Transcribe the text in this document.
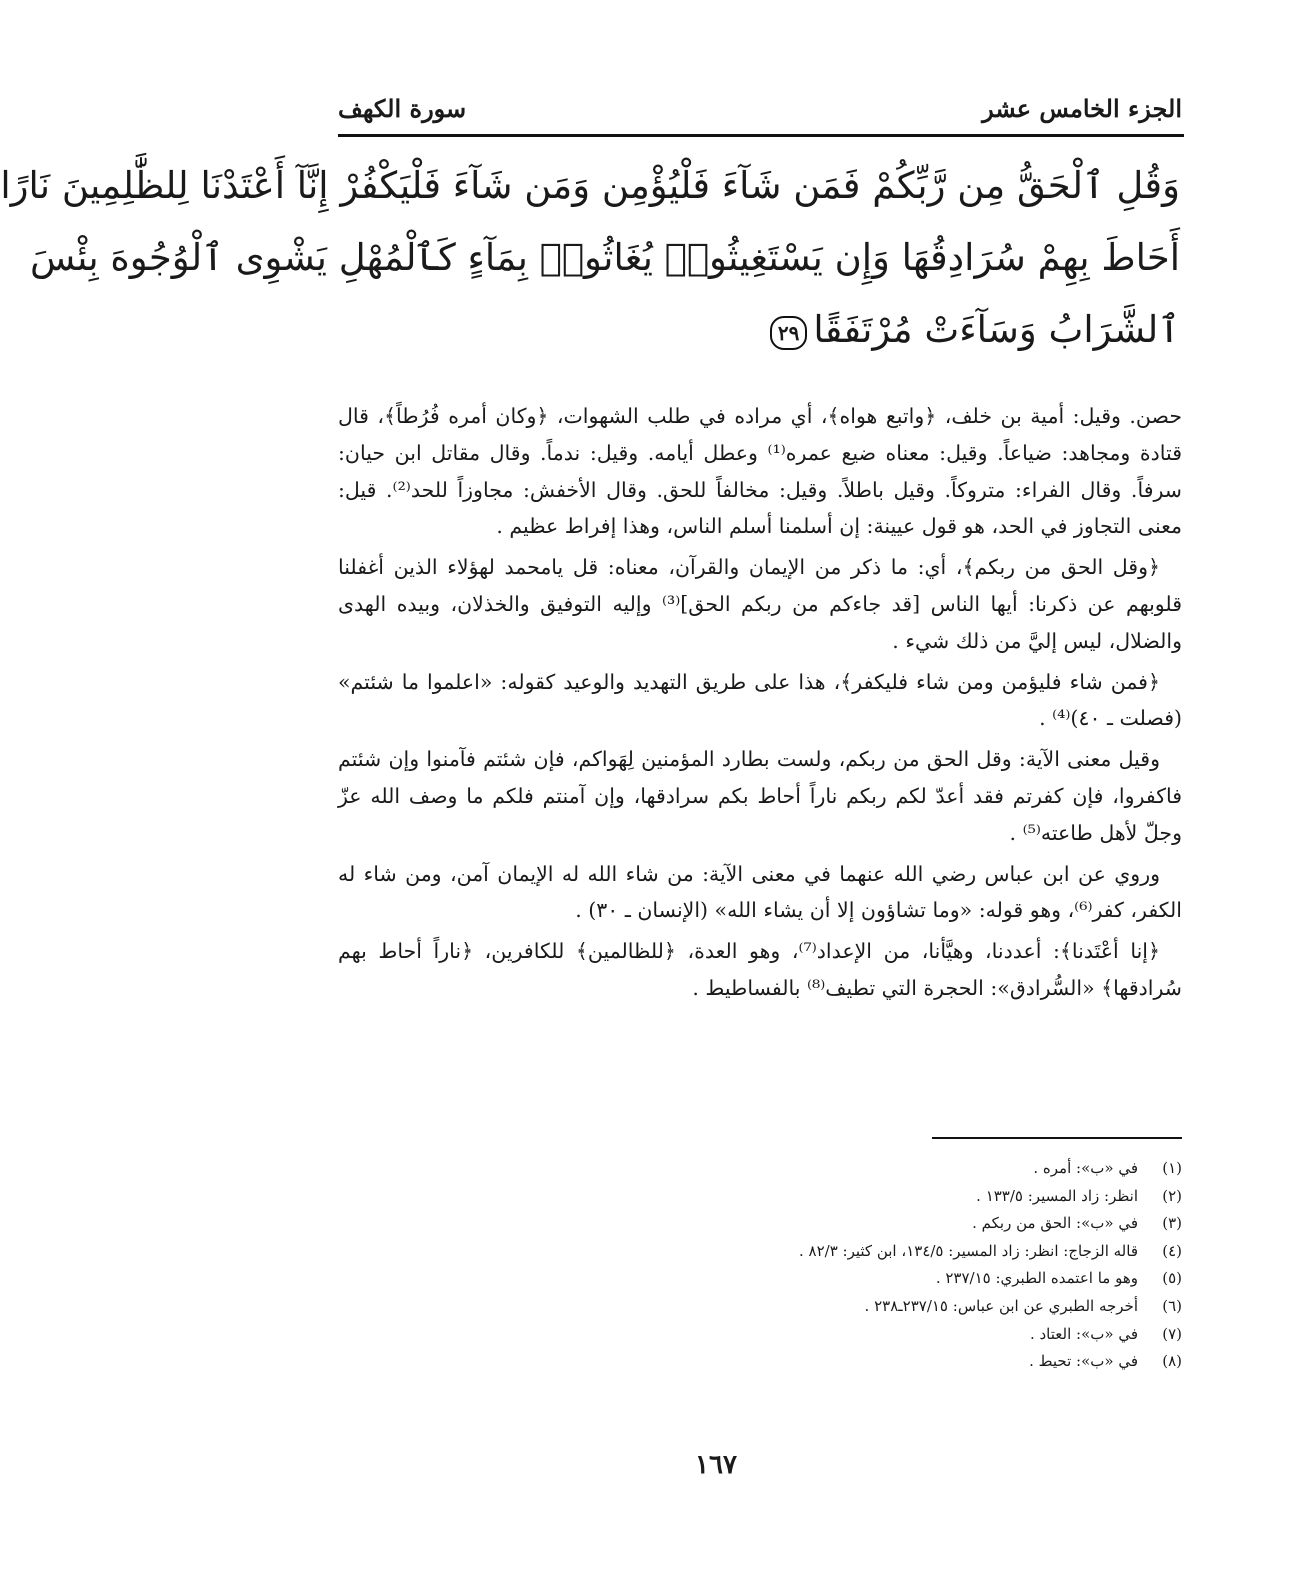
الجزء الخامس عشر
سورة الكهف
وَقُلِ ٱلْحَقُّ مِن رَّبِّكُمْ فَمَن شَآءَ فَلْيُؤْمِن وَمَن شَآءَ فَلْيَكْفُرْ إِنَّآ أَعْتَدْنَا لِلظَّٰلِمِينَ نَارًا
أَحَاطَ بِهِمْ سُرَادِقُهَا وَإِن يَسْتَغِيثُوا۟ يُغَاثُوا۟ بِمَآءٍ كَٱلْمُهْلِ يَشْوِى ٱلْوُجُوهَ بِئْسَ
ٱلشَّرَابُ وَسَآءَتْ مُرْتَفَقًا٢٩

حصن. وقيل: أمية بن خلف، ﴿واتبع هواه﴾، أي مراده في طلب الشهوات، ﴿وكان أمره فُرُطاً﴾، قال قتادة ومجاهد: ضياعاً. وقيل: معناه ضيع عمره⁽¹⁾ وعطل أيامه. وقيل: ندماً. وقال مقاتل ابن حيان: سرفاً. وقال الفراء: متروكاً. وقيل باطلاً. وقيل: مخالفاً للحق. وقال الأخفش: مجاوزاً للحد⁽²⁾. قيل: معنى التجاوز في الحد، هو قول عيينة: إن أسلمنا أسلم الناس، وهذا إفراط عظيم .

﴿وقل الحق من ربكم﴾، أي: ما ذكر من الإيمان والقرآن، معناه: قل يامحمد لهؤلاء الذين أغفلنا قلوبهم عن ذكرنا: أيها الناس [قد جاءكم من ربكم الحق]⁽³⁾ وإليه التوفيق والخذلان، وبيده الهدى والضلال، ليس إليَّ من ذلك شيء .

﴿فمن شاء فليؤمن ومن شاء فليكفر﴾، هذا على طريق التهديد والوعيد كقوله: «اعلموا ما شئتم» (فصلت ـ ٤٠)⁽⁴⁾ .

وقيل معنى الآية: وقل الحق من ربكم، ولست بطارد المؤمنين لِهَواكم، فإن شئتم فآمنوا وإن شئتم فاكفروا، فإن كفرتم فقد أعدّ لكم ربكم ناراً أحاط بكم سرادقها، وإن آمنتم فلكم ما وصف الله عزّ وجلّ لأهل طاعته⁽⁵⁾ .

وروي عن ابن عباس رضي الله عنهما في معنى الآية: من شاء الله له الإيمان آمن، ومن شاء له الكفر، كفر⁽⁶⁾، وهو قوله: «وما تشاؤون إلا أن يشاء الله» (الإنسان ـ ٣٠) .

﴿إنا أعْتَدنا﴾: أعددنا، وهيَّأنا، من الإعداد⁽⁷⁾، وهو العدة، ﴿للظالمين﴾ للكافرين، ﴿ناراً أحاط بهم سُرادقها﴾ «السُّرادق»: الحجرة التي تطيف⁽⁸⁾ بالفساطيط .

(١)
في «ب»: أمره .
(٢)
انظر: زاد المسير: ١٣٣/٥ .
(٣)
في «ب»: الحق من ربكم .
(٤)
قاله الزجاج: انظر: زاد المسير: ١٣٤/٥، ابن كثير: ٨٢/٣ .
(٥)
وهو ما اعتمده الطبري: ٢٣٧/١٥ .
(٦)
أخرجه الطبري عن ابن عباس: ٢٣٧/١٥ـ٢٣٨ .
(٧)
في «ب»: العتاد .
(٨)
في «ب»: تحيط .
١٦٧
